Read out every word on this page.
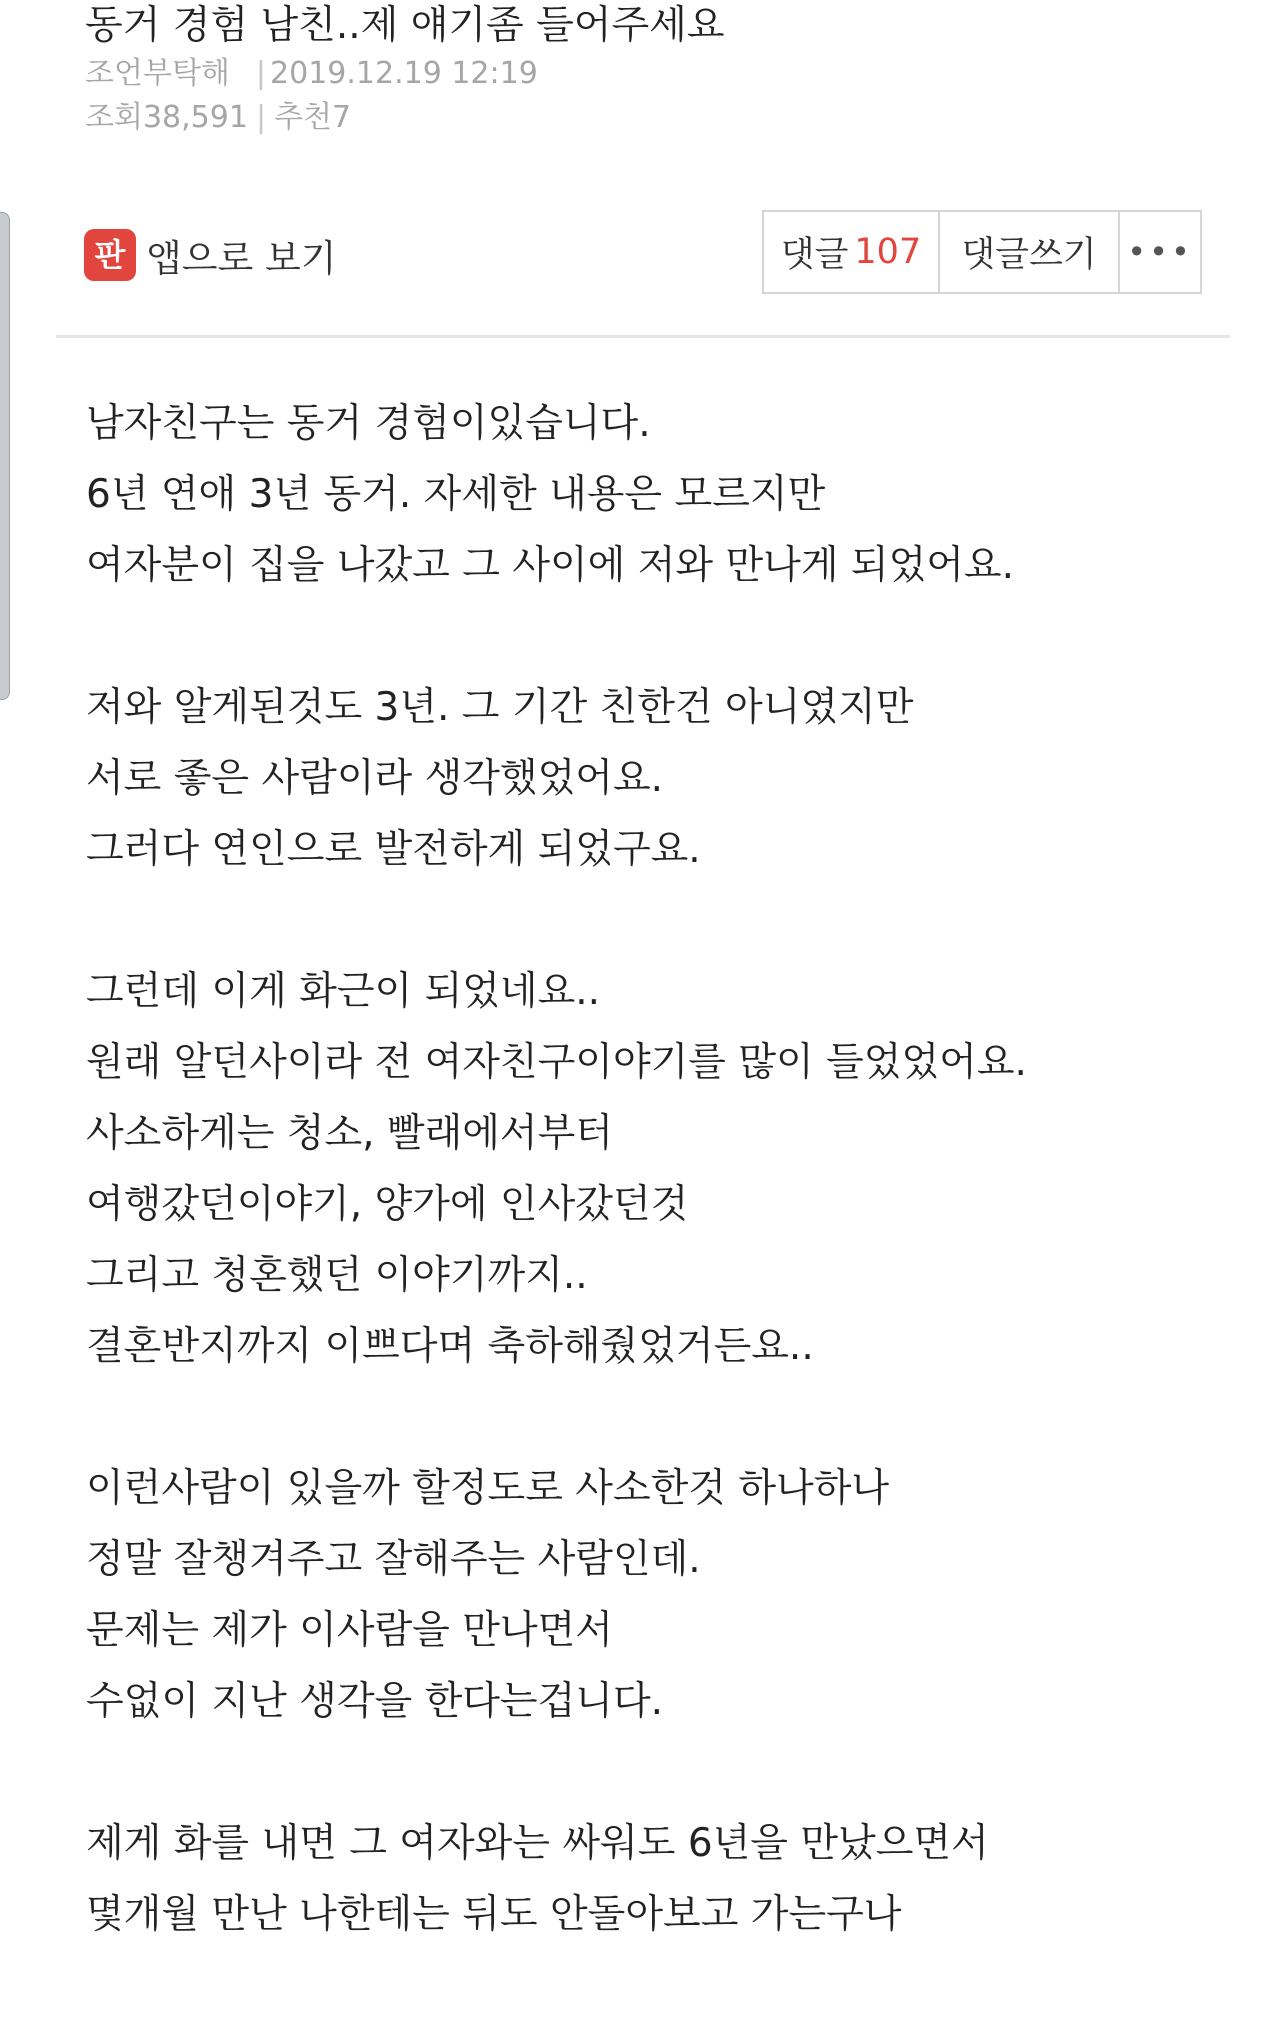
동거 경험 남친..제 얘기좀 들어주세요
조언부탁해 | 2019.12.19 12:19
조회38,591 | 추천7
판 앱으로 보기	댓글 107	댓글쓰기 •••
남자친구는 동거 경험이있습니다.
6년 연애 3년 동거. 자세한 내용은 모르지만
여자분이 집을 나갔고 그 사이에 저와 만나게 되었어요.
저와 알게된것도 3년. 그 기간 친한건 아니였지만
서로 좋은 사람이라 생각했었어요.
그러다 연인으로 발전하게 되었구요.
그런데 이게 화근이 되었네요..
원래 알던사이라 전 여자친구이야기를 많이 들었었어요.
사소하게는 청소, 빨래에서부터
여행갔던이야기, 양가에 인사갔던것
그리고 청혼했던 이야기까지..
결혼반지까지 이쁘다며 축하해줬었거든요..
이런사람이 있을까 할정도로 사소한것 하나하나
정말 잘챙겨주고 잘해주는 사람인데.
문제는 제가 이사람을 만나면서
수없이 지난 생각을 한다는겁니다.
제게 화를 내면 그 여자와는 싸워도 6년을 만났으면서
몇개월 만난 나한테는 뒤도 안돌아보고 가는구나
